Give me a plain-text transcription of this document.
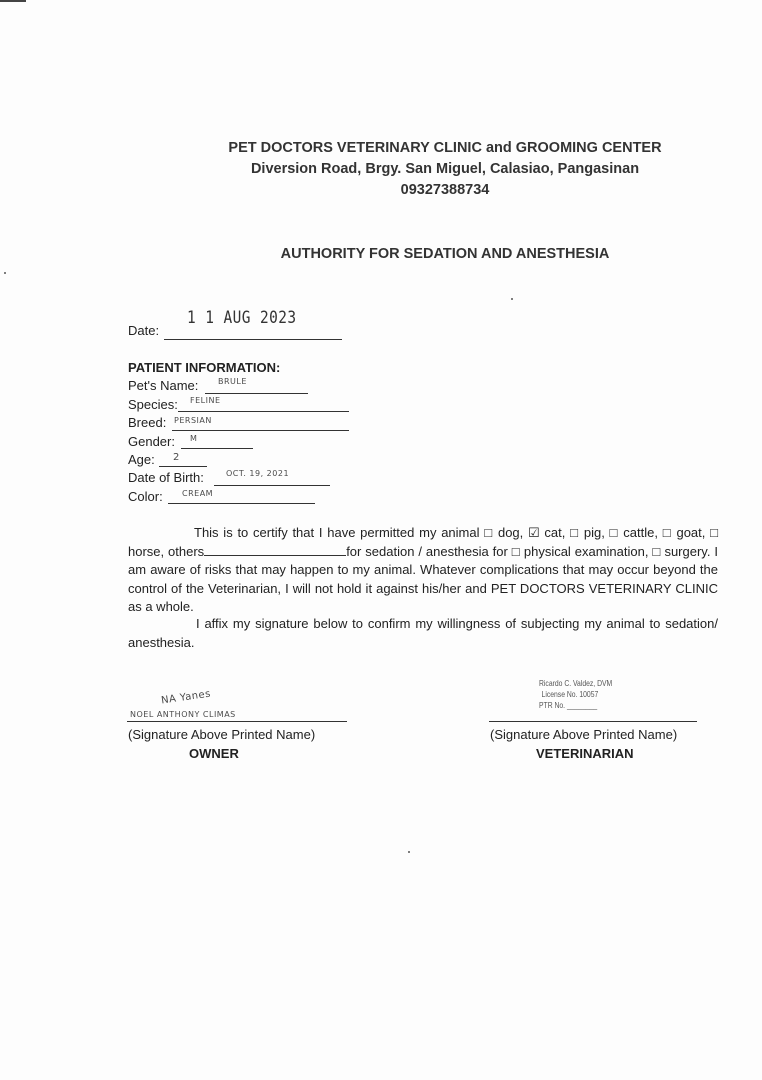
PET DOCTORS VETERINARY CLINIC and GROOMING CENTER
Diversion Road, Brgy. San Miguel, Calasiao, Pangasinan
09327388734
AUTHORITY FOR SEDATION AND ANESTHESIA
Date:
1 1 AUG 2023
PATIENT INFORMATION:
Pet's Name: BRULE
Species: FELINE
Breed: PERSIAN
Gender: M
Age: 2
Date of Birth:	OCT. 19, 2021
Color: CREAM

This is to certify that I have permitted my animal □ dog, ☑ cat, □ pig, □ cattle, □ goat, □ horse, others	for sedation / anesthesia for □ physical examination, □ surgery. I am aware of risks that may happen to my animal. Whatever complications that may occur beyond the control of the Veterinarian, I will not hold it against his/her and PET DOCTORS VETERINARY CLINIC as a whole.

I affix my signature below to confirm my willingness of subjecting my animal to sedation/ anesthesia.

NA Yanes
NOEL ANTHONY CLIMAS
(Signature Above Printed Name)
OWNER
Ricardo C. Valdez, DVM
License No. 10057
PTR No. ________
(Signature Above Printed Name)
VETERINARIAN
